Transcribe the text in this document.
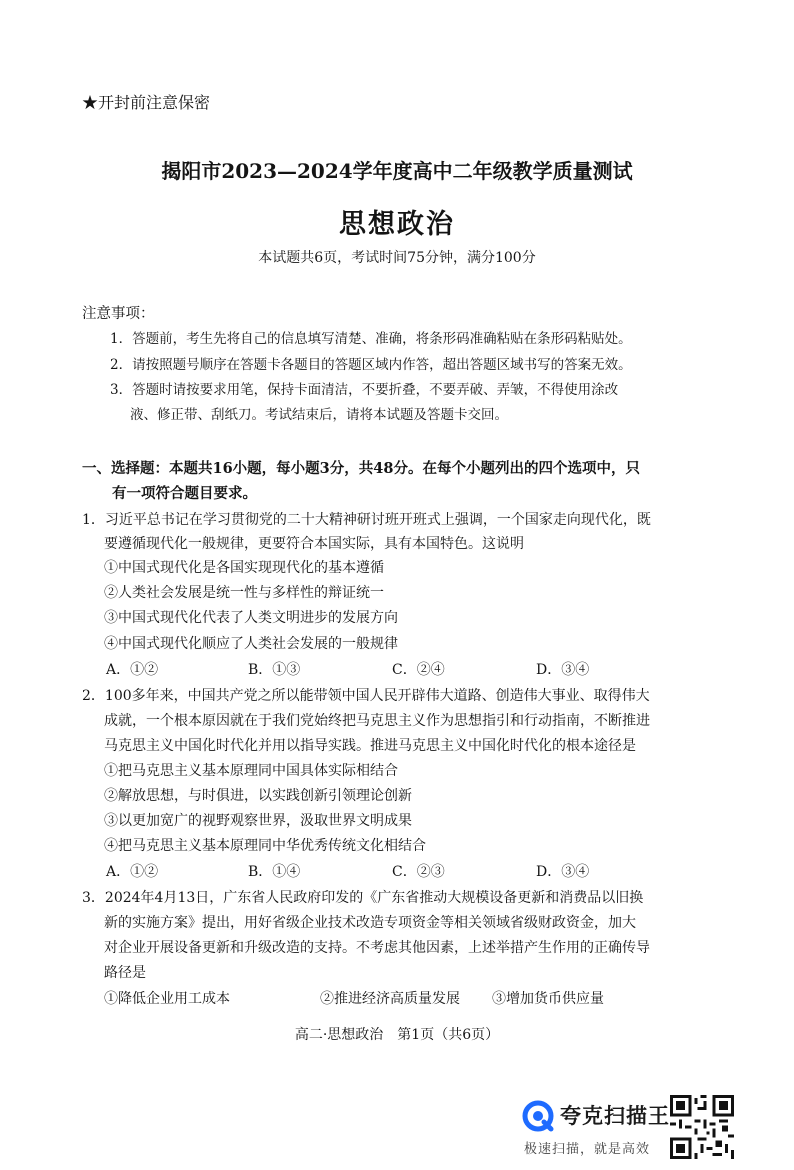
★开封前注意保密
揭阳市2023—2024学年度高中二年级教学质量测试
思想政治
本试题共6页，考试时间75分钟，满分100分
注意事项：
1．答题前，考生先将自己的信息填写清楚、准确，将条形码准确粘贴在条形码粘贴处。
2．请按照题号顺序在答题卡各题目的答题区域内作答，超出答题区域书写的答案无效。
3．答题时请按要求用笔，保持卡面清洁，不要折叠，不要弄破、弄皱，不得使用涂改
液、修正带、刮纸刀。考试结束后，请将本试题及答题卡交回。
一、选择题：本题共16小题，每小题3分，共48分。在每个小题列出的四个选项中，只
有一项符合题目要求。
1．习近平总书记在学习贯彻党的二十大精神研讨班开班式上强调，一个国家走向现代化，既
要遵循现代化一般规律，更要符合本国实际，具有本国特色。这说明
①中国式现代化是各国实现现代化的基本遵循
②人类社会发展是统一性与多样性的辩证统一
③中国式现代化代表了人类文明进步的发展方向
④中国式现代化顺应了人类社会发展的一般规律
A．①②	B．①③	C．②④	D．③④
2．100多年来，中国共产党之所以能带领中国人民开辟伟大道路、创造伟大事业、取得伟大
成就，一个根本原因就在于我们党始终把马克思主义作为思想指引和行动指南，不断推进
马克思主义中国化时代化并用以指导实践。推进马克思主义中国化时代化的根本途径是
①把马克思主义基本原理同中国具体实际相结合
②解放思想，与时俱进，以实践创新引领理论创新
③以更加宽广的视野观察世界，汲取世界文明成果
④把马克思主义基本原理同中华优秀传统文化相结合
A．①②	B．①④	C．②③	D．③④
3．2024年4月13日，广东省人民政府印发的《广东省推动大规模设备更新和消费品以旧换
新的实施方案》提出，用好省级企业技术改造专项资金等相关领域省级财政资金，加大
对企业开展设备更新和升级改造的支持。不考虑其他因素，上述举措产生作用的正确传导
路径是
①降低企业用工成本	②推进经济高质量发展 ③增加货币供应量
高二·思想政治　第1页（共6页）
夸克扫描王
极速扫描，就是高效
